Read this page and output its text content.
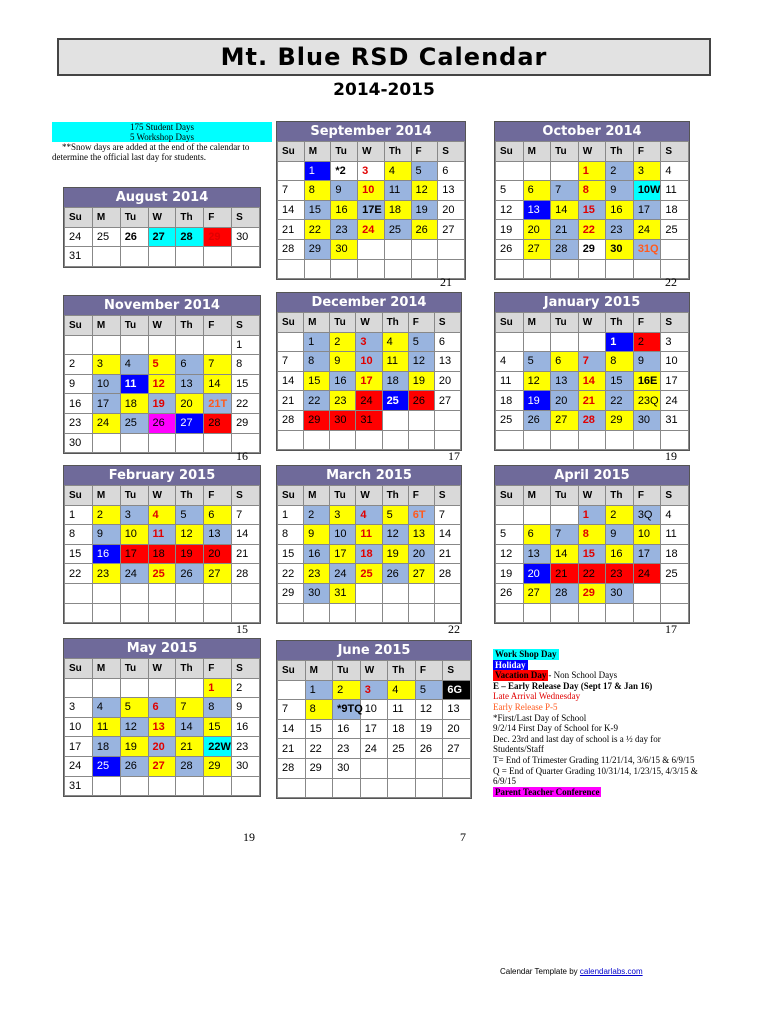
Mt. Blue RSD Calendar
2014-2015
175 Student Days
5 Workshop Days
**Snow days are added at the end of the calendar to determine the official last day for students.
August 2014
Su	M	Tu	W	Th	F	S
24	25	26	27	28	29	30
31						
September 2014
Su	M	Tu	W	Th	F	S
	1	*2	3	4	5	6
7	8	9	10	11	12	13
14	15	16	17E	18	19	20
21	22	23	24	25	26	27
28	29	30				

21
October 2014
Su	M	Tu	W	Th	F	S
			1	2	3	4
5	6	7	8	9	10W	11
12	13	14	15	16	17	18
19	20	21	22	23	24	25
26	27	28	29	30	31Q	

22
November 2014
Su	M	Tu	W	Th	F	S
						1
2	3	4	5	6	7	8
9	10	11	12	13	14	15
16	17	18	19	20	21T	22
23	24	25	26	27	28	29
30						
16
December 2014
Su	M	Tu	W	Th	F	S
	1	2	3	4	5	6
7	8	9	10	11	12	13
14	15	16	17	18	19	20
21	22	23	24	25	26	27
28	29	30	31			

17
January 2015
Su	M	Tu	W	Th	F	S
				1	2	3
4	5	6	7	8	9	10
11	12	13	14	15	16E	17
18	19	20	21	22	23Q	24
25	26	27	28	29	30	31

19
February 2015
Su	M	Tu	W	Th	F	S
1	2	3	4	5	6	7
8	9	10	11	12	13	14
15	16	17	18	19	20	21
22	23	24	25	26	27	28

15
March 2015
Su	M	Tu	W	Th	F	S
1	2	3	4	5	6T	7
8	9	10	11	12	13	14
15	16	17	18	19	20	21
22	23	24	25	26	27	28
29	30	31				

22
April 2015
Su	M	Tu	W	Th	F	S
			1	2	3Q	4
5	6	7	8	9	10	11
12	13	14	15	16	17	18
19	20	21	22	23	24	25
26	27	28	29	30		

17
May 2015
Su	M	Tu	W	Th	F	S
					1	2
3	4	5	6	7	8	9
10	11	12	13	14	15	16
17	18	19	20	21	22W	23
24	25	26	27	28	29	30
31						
19
June 2015
Su	M	Tu	W	Th	F	S
	1	2	3	4	5	6G
7	8	*9TQ	10	11	12	13
14	15	16	17	18	19	20
21	22	23	24	25	26	27
28	29	30				

7
Work Shop Day
Holiday
Vacation Day - Non School Days
E – Early Release Day (Sept 17 & Jan 16)
Late Arrival Wednesday
Early Release P-5
*First/Last Day of School
9/2/14 First Day of School for K-9
Dec. 23rd and last day of school is a ½ day for Students/Staff
T= End of Trimester Grading 11/21/14, 3/6/15 & 6/9/15
Q = End of Quarter Grading 10/31/14, 1/23/15, 4/3/15 & 6/9/15
Parent Teacher Conference
Calendar Template by calendarlabs.com
